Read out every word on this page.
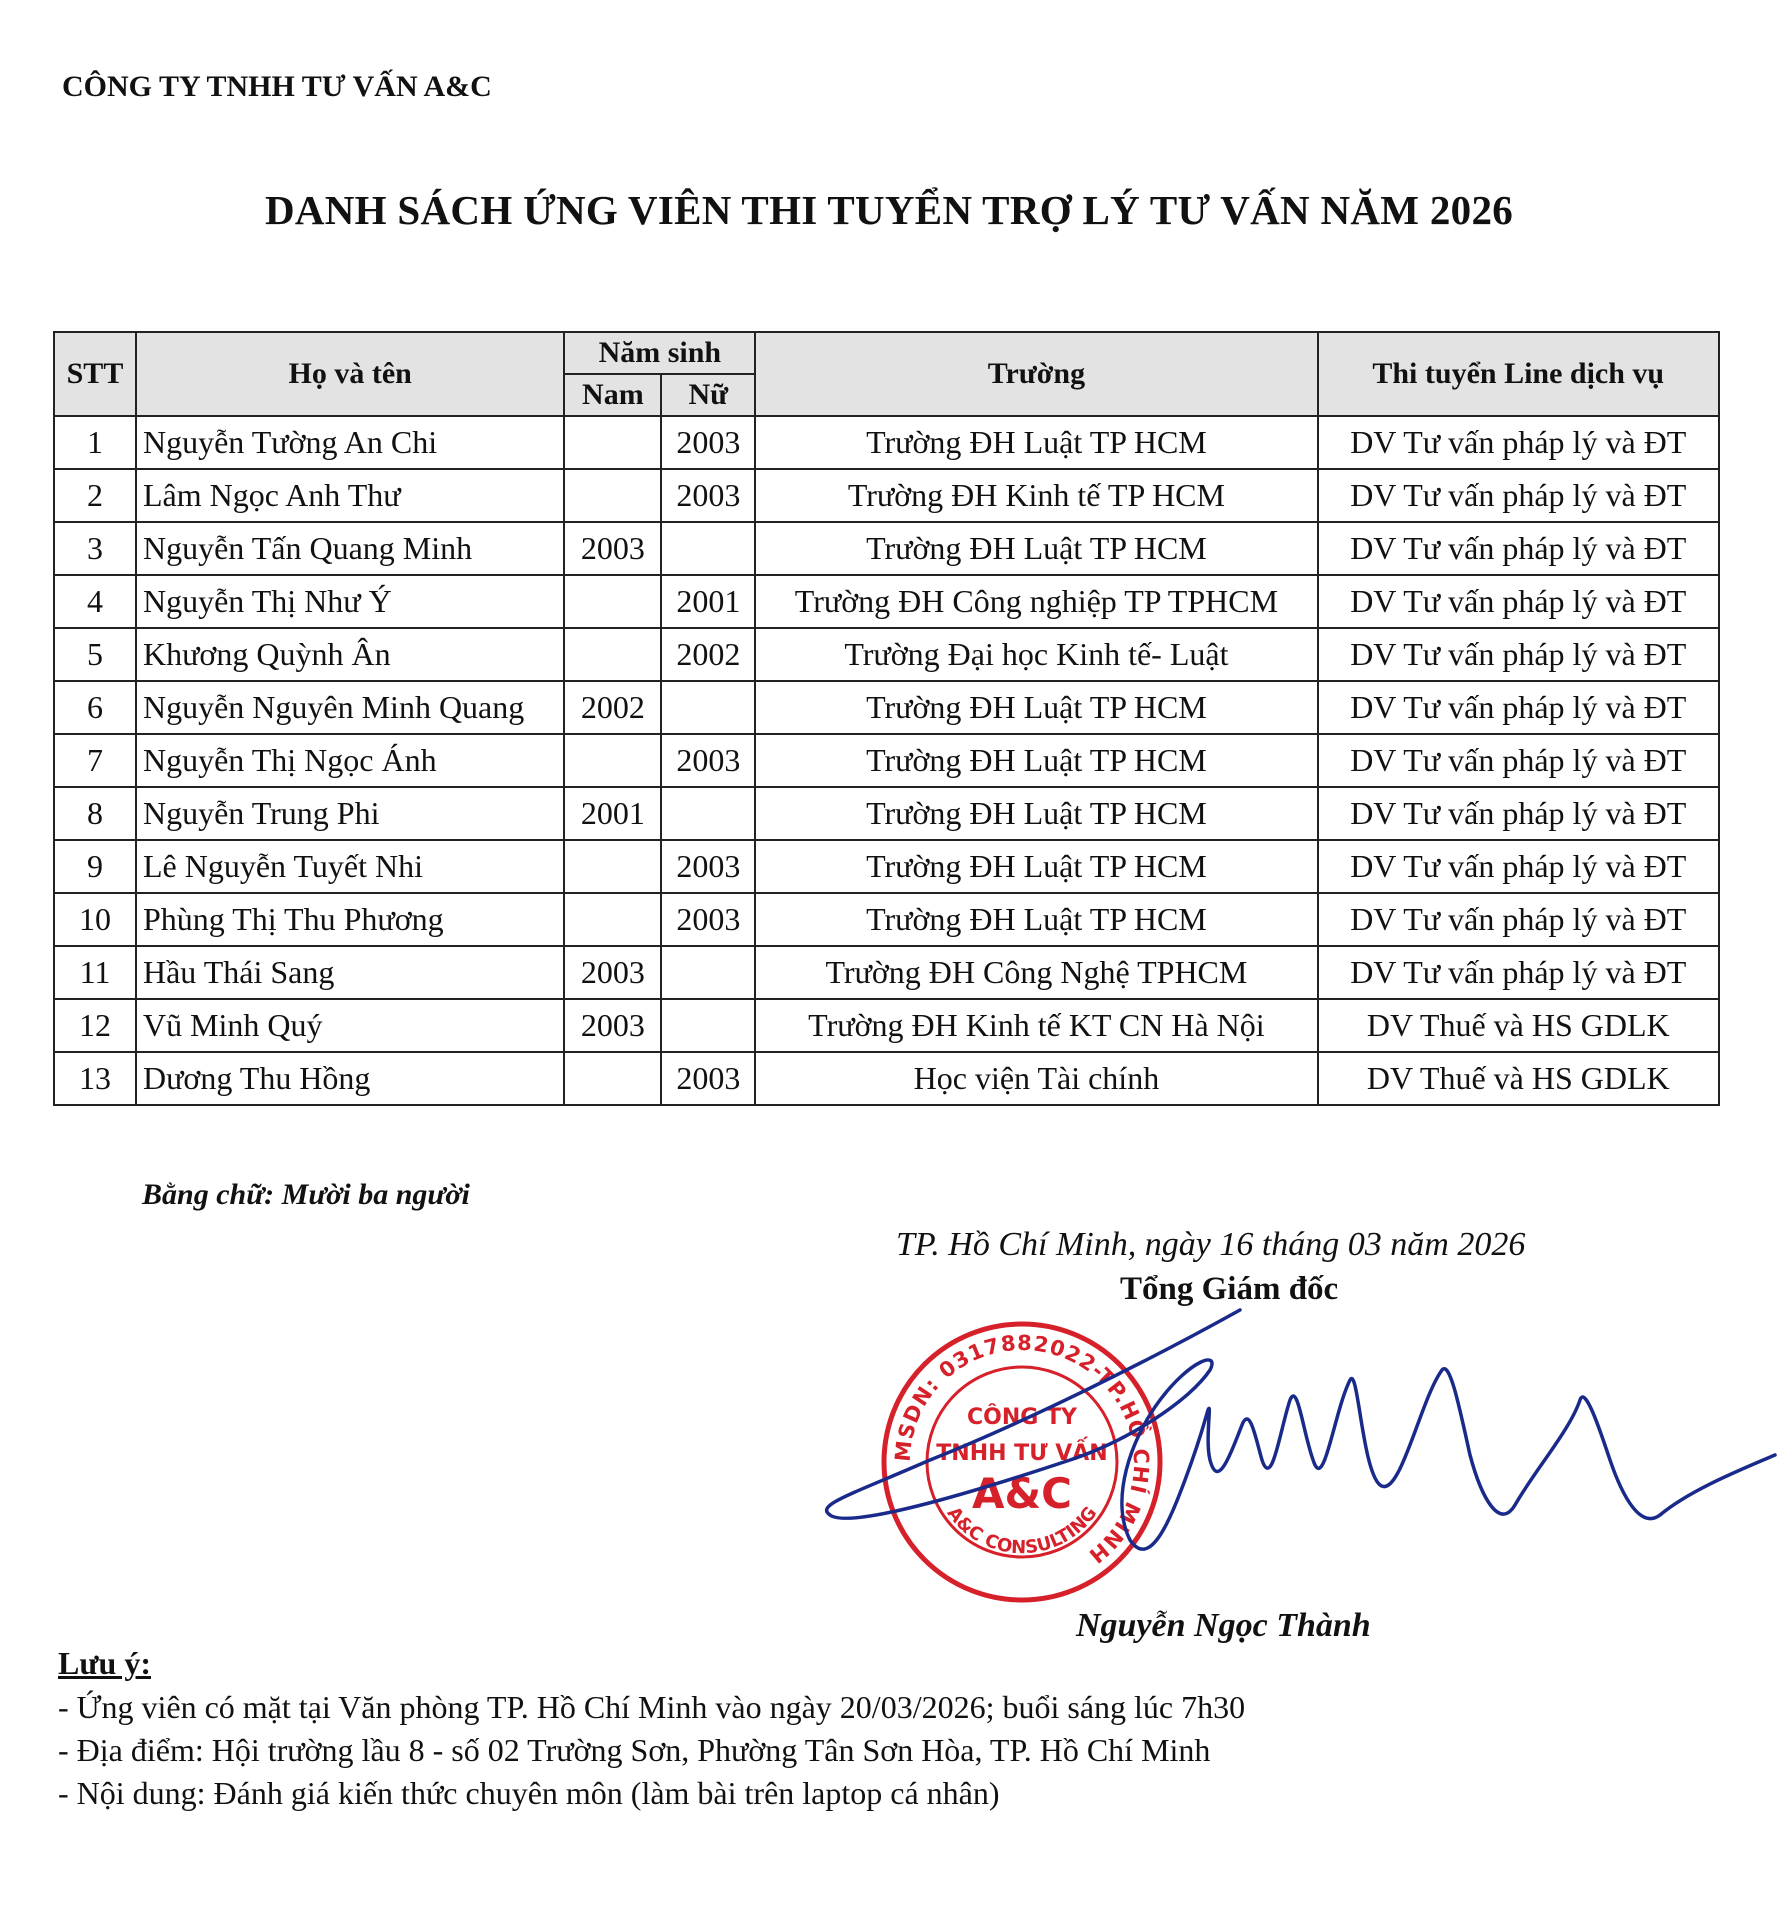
CÔNG TY TNHH TƯ VẤN A&C
DANH SÁCH ỨNG VIÊN THI TUYỂN TRỢ LÝ TƯ VẤN NĂM 2026
STT	Họ và tên	Năm sinh		Trường	Thi tuyển Line dịch vụ
		Nam	Nữ		
1	Nguyễn Tường An Chi		2003	Trường ĐH Luật TP HCM	DV Tư vấn pháp lý và ĐT
2	Lâm Ngọc Anh Thư		2003	Trường ĐH Kinh tế TP HCM	DV Tư vấn pháp lý và ĐT
3	Nguyễn Tấn Quang Minh	2003		Trường ĐH Luật TP HCM	DV Tư vấn pháp lý và ĐT
4	Nguyễn Thị Như Ý		2001	Trường ĐH Công nghiệp TP TPHCM	DV Tư vấn pháp lý và ĐT
5	Khương Quỳnh Ân		2002	Trường Đại học Kinh tế- Luật	DV Tư vấn pháp lý và ĐT
6	Nguyễn Nguyên Minh Quang	2002		Trường ĐH Luật TP HCM	DV Tư vấn pháp lý và ĐT
7	Nguyễn Thị Ngọc Ánh		2003	Trường ĐH Luật TP HCM	DV Tư vấn pháp lý và ĐT
8	Nguyễn Trung Phi	2001		Trường ĐH Luật TP HCM	DV Tư vấn pháp lý và ĐT
9	Lê Nguyễn Tuyết Nhi		2003	Trường ĐH Luật TP HCM	DV Tư vấn pháp lý và ĐT
10	Phùng Thị Thu Phương		2003	Trường ĐH Luật TP HCM	DV Tư vấn pháp lý và ĐT
11	Hầu Thái Sang	2003		Trường ĐH Công Nghệ TPHCM	DV Tư vấn pháp lý và ĐT
12	Vũ Minh Quý	2003		Trường ĐH Kinh tế KT CN Hà Nội	DV Thuế và HS GDLK
13	Dương Thu Hồng		2003	Học viện Tài chính	DV Thuế và HS GDLK
Bằng chữ: Mười ba người
TP. Hồ Chí Minh, ngày 16 tháng 03 năm 2026
Tổng Giám đốc
MSDN: 0317882022-TP.HỒ CHÍ MINH
CÔNG TY
TNHH TƯ VẤN
A&C
A&C CONSULTING
Nguyễn Ngọc Thành
Lưu ý:
- Ứng viên có mặt tại Văn phòng TP. Hồ Chí Minh vào ngày 20/03/2026; buổi sáng lúc 7h30
- Địa điểm: Hội trường lầu 8 - số 02 Trường Sơn, Phường Tân Sơn Hòa, TP. Hồ Chí Minh
- Nội dung: Đánh giá kiến thức chuyên môn (làm bài trên laptop cá nhân)
